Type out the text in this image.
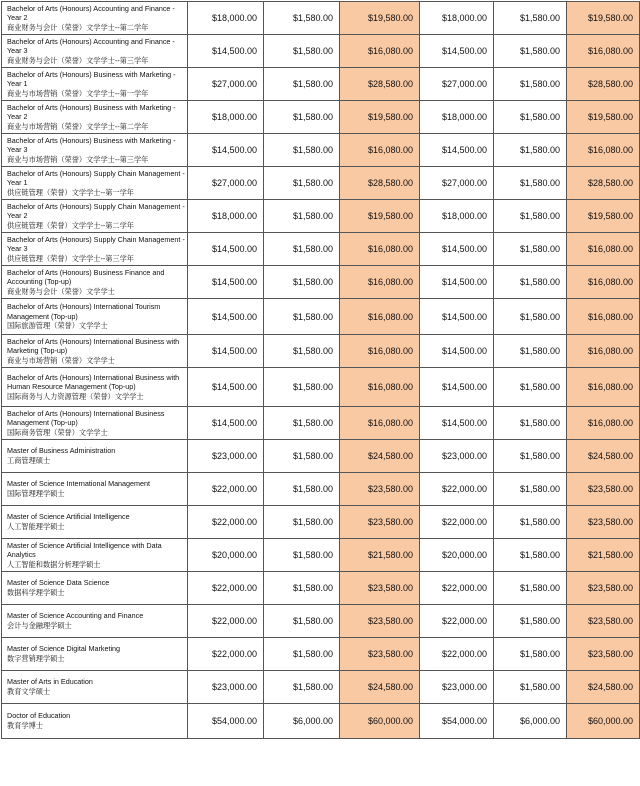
Bachelor of Arts (Honours) Accounting and Finance - Year 2
商业财务与会计（荣誉）文学学士--第二学年	$18,000.00	$1,580.00	$19,580.00	$18,000.00	$1,580.00	$19,580.00

Bachelor of Arts (Honours) Accounting and Finance - Year 3
商业财务与会计（荣誉）文学学士--第三学年	$14,500.00	$1,580.00	$16,080.00	$14,500.00	$1,580.00	$16,080.00

Bachelor of Arts (Honours) Business with Marketing - Year 1
商业与市场营销（荣誉）文学学士--第一学年	$27,000.00	$1,580.00	$28,580.00	$27,000.00	$1,580.00	$28,580.00

Bachelor of Arts (Honours) Business with Marketing - Year 2
商业与市场营销（荣誉）文学学士--第二学年	$18,000.00	$1,580.00	$19,580.00	$18,000.00	$1,580.00	$19,580.00

Bachelor of Arts (Honours) Business with Marketing - Year 3
商业与市场营销（荣誉）文学学士--第三学年	$14,500.00	$1,580.00	$16,080.00	$14,500.00	$1,580.00	$16,080.00

Bachelor of Arts (Honours) Supply Chain Management - Year 1
供应链管理（荣誉）文学学士--第一学年	$27,000.00	$1,580.00	$28,580.00	$27,000.00	$1,580.00	$28,580.00

Bachelor of Arts (Honours) Supply Chain Management - Year 2
供应链管理（荣誉）文学学士--第二学年	$18,000.00	$1,580.00	$19,580.00	$18,000.00	$1,580.00	$19,580.00

Bachelor of Arts (Honours) Supply Chain Management - Year 3
供应链管理（荣誉）文学学士--第三学年	$14,500.00	$1,580.00	$16,080.00	$14,500.00	$1,580.00	$16,080.00

Bachelor of Arts (Honours) Business Finance and Accounting (Top-up)
商业财务与会计（荣誉）文学学士	$14,500.00	$1,580.00	$16,080.00	$14,500.00	$1,580.00	$16,080.00

Bachelor of Arts (Honours) International Tourism Management (Top-up)
国际旅游管理（荣誉）文学学士	$14,500.00	$1,580.00	$16,080.00	$14,500.00	$1,580.00	$16,080.00

Bachelor of Arts (Honours) International Business with Marketing (Top-up)
商业与市场营销（荣誉）文学学士	$14,500.00	$1,580.00	$16,080.00	$14,500.00	$1,580.00	$16,080.00

Bachelor of Arts (Honours) International Business with Human Resource Management (Top-up)
国际商务与人力资源管理（荣誉）文学学士	$14,500.00	$1,580.00	$16,080.00	$14,500.00	$1,580.00	$16,080.00

Bachelor of Arts (Honours) International Business Management (Top-up)
国际商务管理（荣誉）文学学士	$14,500.00	$1,580.00	$16,080.00	$14,500.00	$1,580.00	$16,080.00

Master of Business Administration
工商管理硕士	$23,000.00	$1,580.00	$24,580.00	$23,000.00	$1,580.00	$24,580.00

Master of Science International Management
国际管理理学硕士	$22,000.00	$1,580.00	$23,580.00	$22,000.00	$1,580.00	$23,580.00

Master of Science Artificial Intelligence
人工智能理学硕士	$22,000.00	$1,580.00	$23,580.00	$22,000.00	$1,580.00	$23,580.00

Master of Science Artificial Intelligence with Data Analytics
人工智能和数据分析理学硕士	$20,000.00	$1,580.00	$21,580.00	$20,000.00	$1,580.00	$21,580.00

Master of Science Data Science
数据科学理学硕士	$22,000.00	$1,580.00	$23,580.00	$22,000.00	$1,580.00	$23,580.00

Master of Science Accounting and Finance
会计与金融理学硕士	$22,000.00	$1,580.00	$23,580.00	$22,000.00	$1,580.00	$23,580.00

Master of Science Digital Marketing
数字营销理学硕士	$22,000.00	$1,580.00	$23,580.00	$22,000.00	$1,580.00	$23,580.00

Master of Arts in Education
教育文学硕士	$23,000.00	$1,580.00	$24,580.00	$23,000.00	$1,580.00	$24,580.00

Doctor of Education
教育学博士	$54,000.00	$6,000.00	$60,000.00	$54,000.00	$6,000.00	$60,000.00
